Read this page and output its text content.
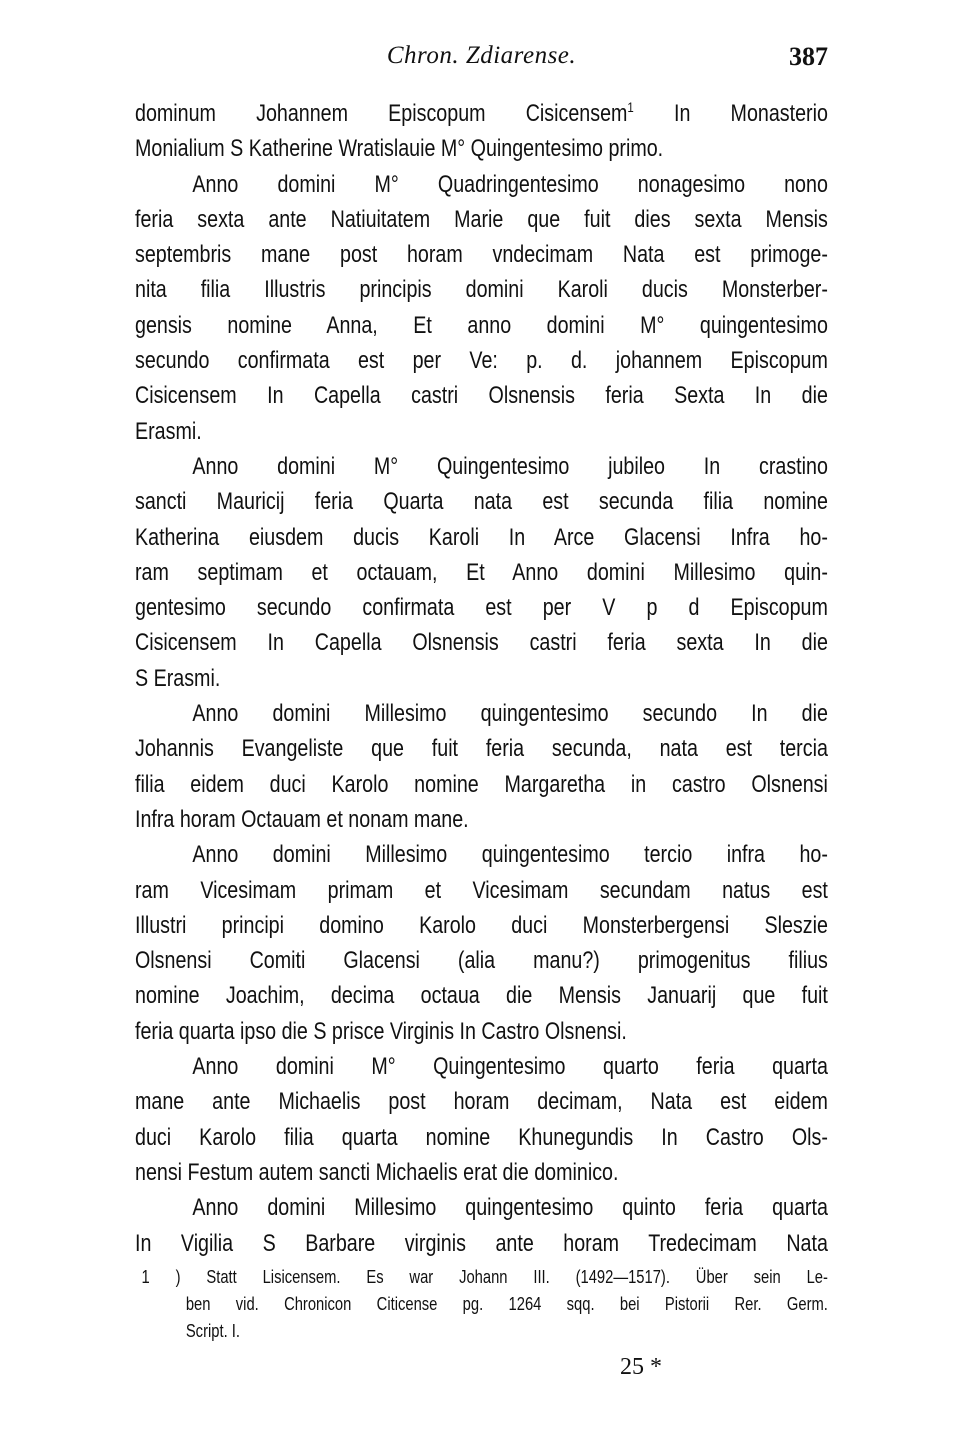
Chron. Zdiarense.	387
dominum Johannem Episcopum Cisicensem$^1$ In Monasterio
Monialium S Katherine Wratislauie M° Quingentesimo primo.
Anno domini M° Quadringentesimo nonagesimo nono
feria sexta ante Natiuitatem Marie que fuit dies sexta Mensis
septembris mane post horam vndecimam Nata est primoge-
nita filia Illustris principis domini Karoli ducis Monsterber-
gensis nomine Anna, Et anno domini M° quingentesimo
secundo confirmata est per Ve: p. d. johannem Episcopum
Cisicensem In Capella castri Olsnensis feria Sexta In die
Erasmi.
Anno domini M° Quingentesimo jubileo In crastino
sancti Mauricij feria Quarta nata est secunda filia nomine
Katherina eiusdem ducis Karoli In Arce Glacensi Infra ho-
ram septimam et octauam, Et Anno domini Millesimo quin-
gentesimo secundo confirmata est per V p d Episcopum
Cisicensem In Capella Olsnensis castri feria sexta In die
S Erasmi.
Anno domini Millesimo quingentesimo secundo In die
Johannis Evangeliste que fuit feria secunda, nata est tercia
filia eidem duci Karolo nomine Margaretha in castro Olsnensi
Infra horam Octauam et nonam mane.
Anno domini Millesimo quingentesimo tercio infra ho-
ram Vicesimam primam et Vicesimam secundam natus est
Illustri principi domino Karolo duci Monsterbergensi Sleszie
Olsnensi Comiti Glacensi (alia manu?) primogenitus filius
nomine Joachim, decima octaua die Mensis Januarij que fuit
feria quarta ipso die S prisce Virginis In Castro Olsnensi.
Anno domini M° Quingentesimo quarto feria quarta
mane ante Michaelis post horam decimam, Nata est eidem
duci Karolo filia quarta nomine Khunegundis In Castro Ols-
nensi Festum autem sancti Michaelis erat die dominico.
Anno domini Millesimo quingentesimo quinto feria quarta
In Vigilia S Barbare virginis ante horam Tredecimam Nata
1 ) Statt Lisicensem. Es war Johann III. (1492—1517). Über sein Le-
ben vid. Chronicon Citicense pg. 1264 sqq. bei Pistorii Rer. Germ.
Script. I.
25 *
